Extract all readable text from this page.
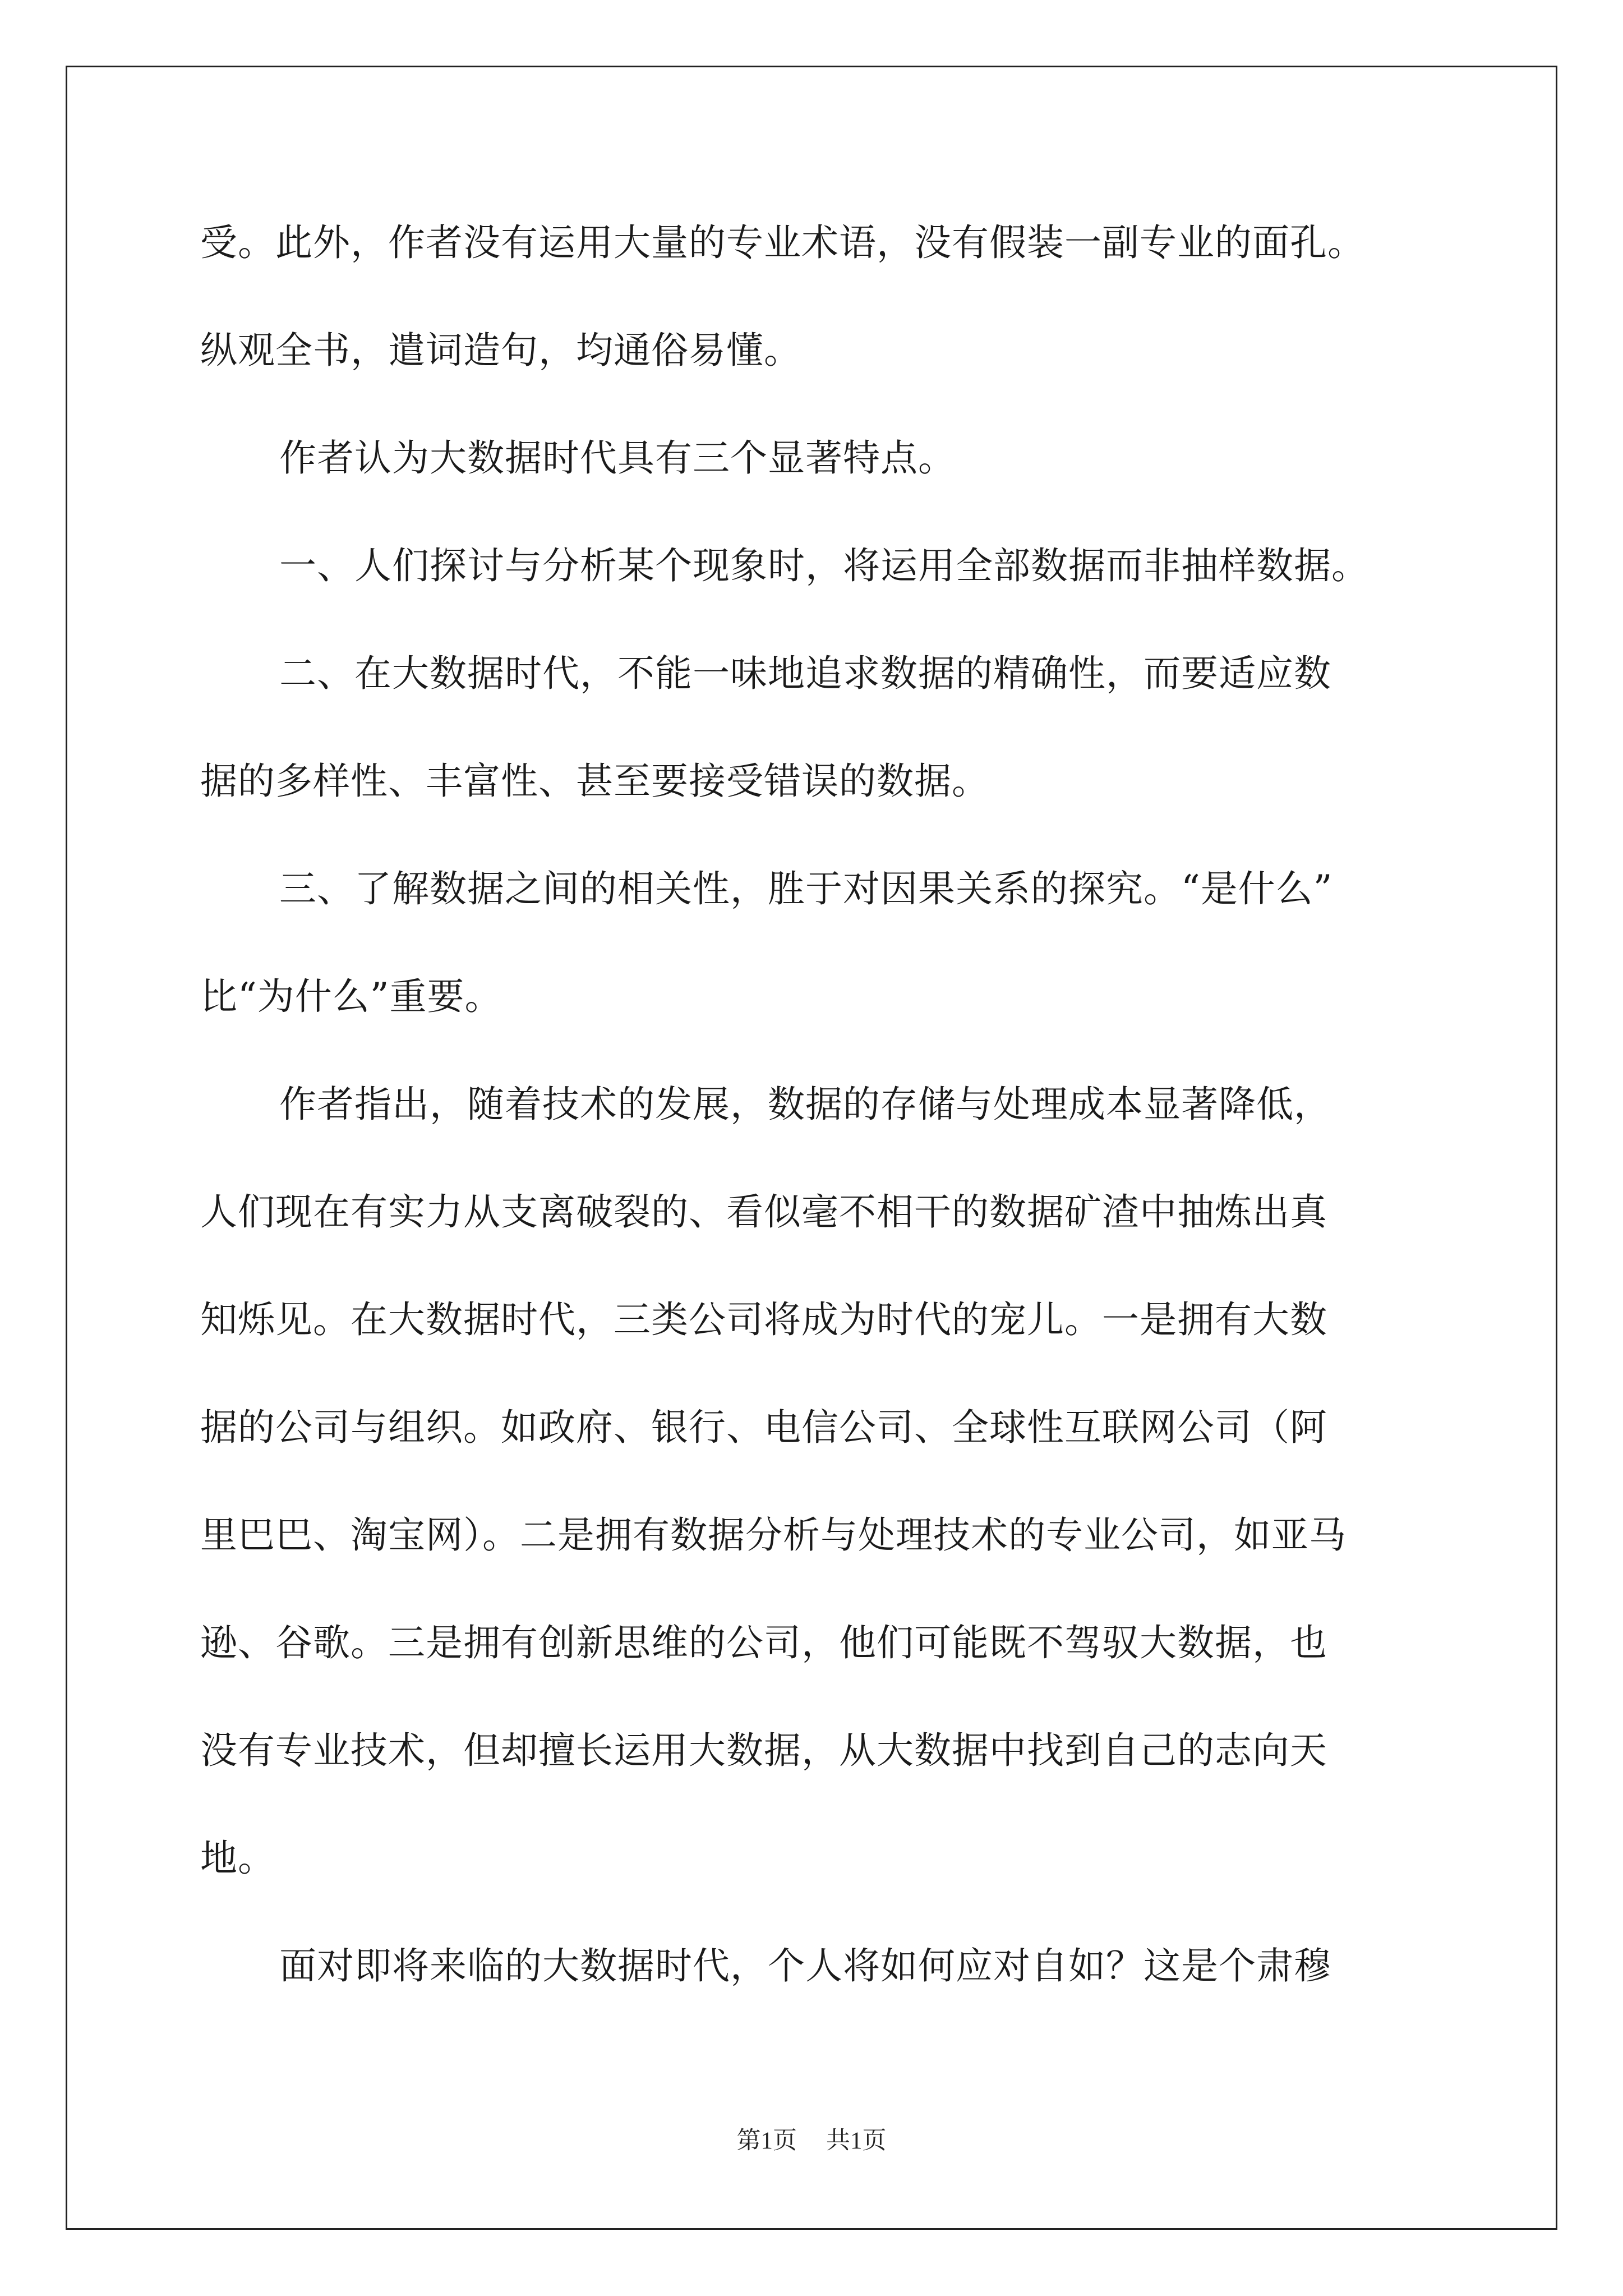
受。此外，作者没有运用大量的专业术语，没有假装一副专业的面孔。
纵观全书，遣词造句，均通俗易懂。
作者认为大数据时代具有三个显著特点。
一、人们探讨与分析某个现象时，将运用全部数据而非抽样数据。
二、在大数据时代，不能一味地追求数据的精确性，而要适应数
据的多样性、丰富性、甚至要接受错误的数据。
三、了解数据之间的相关性，胜于对因果关系的探究。“是什么”
比“为什么”重要。
作者指出，随着技术的发展，数据的存储与处理成本显著降低，
人们现在有实力从支离破裂的、看似毫不相干的数据矿渣中抽炼出真
知烁见。在大数据时代，三类公司将成为时代的宠儿。一是拥有大数
据的公司与组织。如政府、银行、电信公司、全球性互联网公司（阿
里巴巴、淘宝网）。二是拥有数据分析与处理技术的专业公司，如亚马
逊、谷歌。三是拥有创新思维的公司，他们可能既不驾驭大数据，也
没有专业技术，但却擅长运用大数据，从大数据中找到自己的志向天
地。
面对即将来临的大数据时代，个人将如何应对自如？这是个肃穆
第1页 共1页
